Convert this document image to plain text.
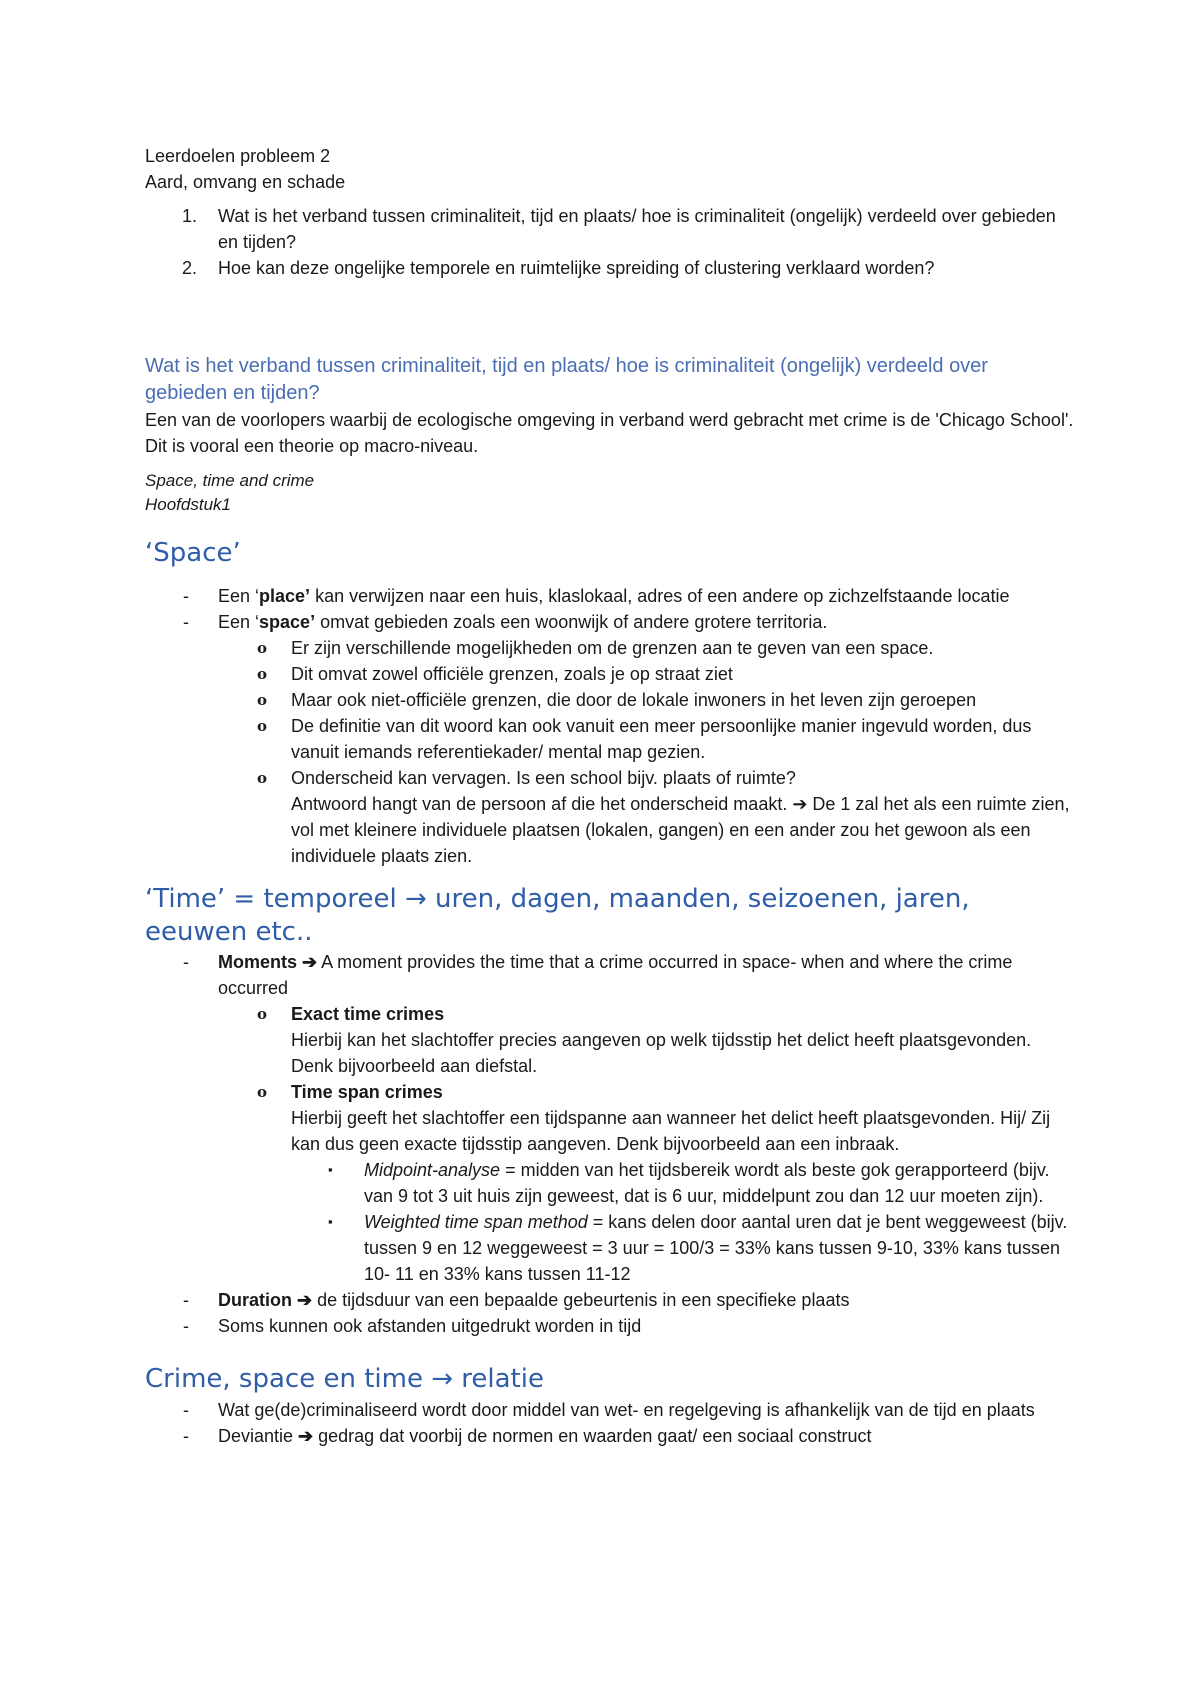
Leerdoelen probleem 2

Aard, omvang en schade

1. Wat is het verband tussen criminaliteit, tijd en plaats/ hoe is criminaliteit (ongelijk) verdeeld over gebieden en tijden?
2. Hoe kan deze ongelijke temporele en ruimtelijke spreiding of clustering verklaard worden?

Wat is het verband tussen criminaliteit, tijd en plaats/ hoe is criminaliteit (ongelijk) verdeeld over gebieden en tijden?

Een van de voorlopers waarbij de ecologische omgeving in verband werd gebracht met crime is de 'Chicago School'. Dit is vooral een theorie op macro-niveau.

Space, time and crime

Hoofdstuk1

‘Space’
- Een ‘place’ kan verwijzen naar een huis, klaslokaal, adres of een andere op zichzelfstaande locatie
- Een ‘space’ omvat gebieden zoals een woonwijk of andere grotere territoria.
o Er zijn verschillende mogelijkheden om de grenzen aan te geven van een space.
o Dit omvat zowel officiële grenzen, zoals je op straat ziet
o Maar ook niet-officiële grenzen, die door de lokale inwoners in het leven zijn geroepen
o De definitie van dit woord kan ook vanuit een meer persoonlijke manier ingevuld worden, dus vanuit iemands referentiekader/ mental map gezien.
o Onderscheid kan vervagen. Is een school bijv. plaats of ruimte?
Antwoord hangt van de persoon af die het onderscheid maakt. ➔ De 1 zal het als een ruimte zien, vol met kleinere individuele plaatsen (lokalen, gangen) en een ander zou het gewoon als een individuele plaats zien.
‘Time’ = temporeel → uren, dagen, maanden, seizoenen, jaren, eeuwen etc..
- Moments ➔ A moment provides the time that a crime occurred in space- when and where the crime occurred
o Exact time crimes
Hierbij kan het slachtoffer precies aangeven op welk tijdsstip het delict heeft plaatsgevonden. Denk bijvoorbeeld aan diefstal.
o Time span crimes
Hierbij geeft het slachtoffer een tijdspanne aan wanneer het delict heeft plaatsgevonden. Hij/ Zij kan dus geen exacte tijdsstip aangeven. Denk bijvoorbeeld aan een inbraak.
▪ Midpoint-analyse = midden van het tijdsbereik wordt als beste gok gerapporteerd (bijv. van 9 tot 3 uit huis zijn geweest, dat is 6 uur, middelpunt zou dan 12 uur moeten zijn).
▪ Weighted time span method = kans delen door aantal uren dat je bent weggeweest (bijv. tussen 9 en 12 weggeweest = 3 uur = 100/3 = 33% kans tussen 9-10, 33% kans tussen 10- 11 en 33% kans tussen 11-12
- Duration ➔ de tijdsduur van een bepaalde gebeurtenis in een specifieke plaats
- Soms kunnen ook afstanden uitgedrukt worden in tijd
Crime, space en time → relatie
- Wat ge(de)criminaliseerd wordt door middel van wet- en regelgeving is afhankelijk van de tijd en plaats
- Deviantie ➔ gedrag dat voorbij de normen en waarden gaat/ een sociaal construct
